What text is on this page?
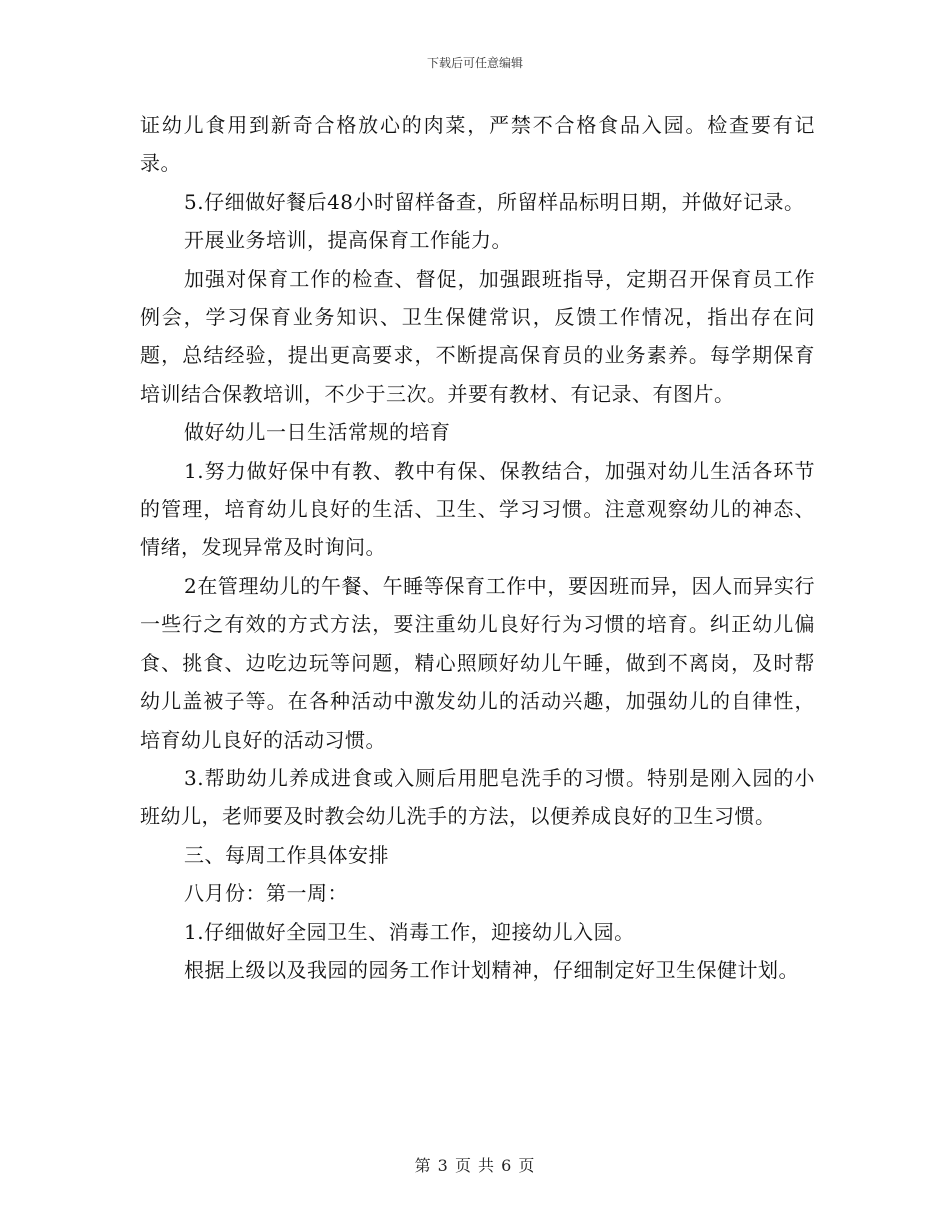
下载后可任意编辑

证幼儿食用到新奇合格放心的肉菜，严禁不合格食品入园。检查要有记录。

5.仔细做好餐后48小时留样备查，所留样品标明日期，并做好记录。

开展业务培训，提高保育工作能力。

加强对保育工作的检查、督促，加强跟班指导，定期召开保育员工作例会，学习保育业务知识、卫生保健常识，反馈工作情况，指出存在问题，总结经验，提出更高要求，不断提高保育员的业务素养。每学期保育培训结合保教培训，不少于三次。并要有教材、有记录、有图片。

做好幼儿一日生活常规的培育

1.努力做好保中有教、教中有保、保教结合，加强对幼儿生活各环节的管理，培育幼儿良好的生活、卫生、学习习惯。注意观察幼儿的神态、情绪，发现异常及时询问。

2在管理幼儿的午餐、午睡等保育工作中，要因班而异，因人而异实行一些行之有效的方式方法，要注重幼儿良好行为习惯的培育。纠正幼儿偏食、挑食、边吃边玩等问题，精心照顾好幼儿午睡，做到不离岗，及时帮幼儿盖被子等。在各种活动中激发幼儿的活动兴趣，加强幼儿的自律性，培育幼儿良好的活动习惯。

3.帮助幼儿养成进食或入厕后用肥皂洗手的习惯。特别是刚入园的小班幼儿，老师要及时教会幼儿洗手的方法，以便养成良好的卫生习惯。

三、每周工作具体安排

八月份：第一周：

1.仔细做好全园卫生、消毒工作，迎接幼儿入园。

根据上级以及我园的园务工作计划精神，仔细制定好卫生保健计划。

第 3 页 共 6 页
